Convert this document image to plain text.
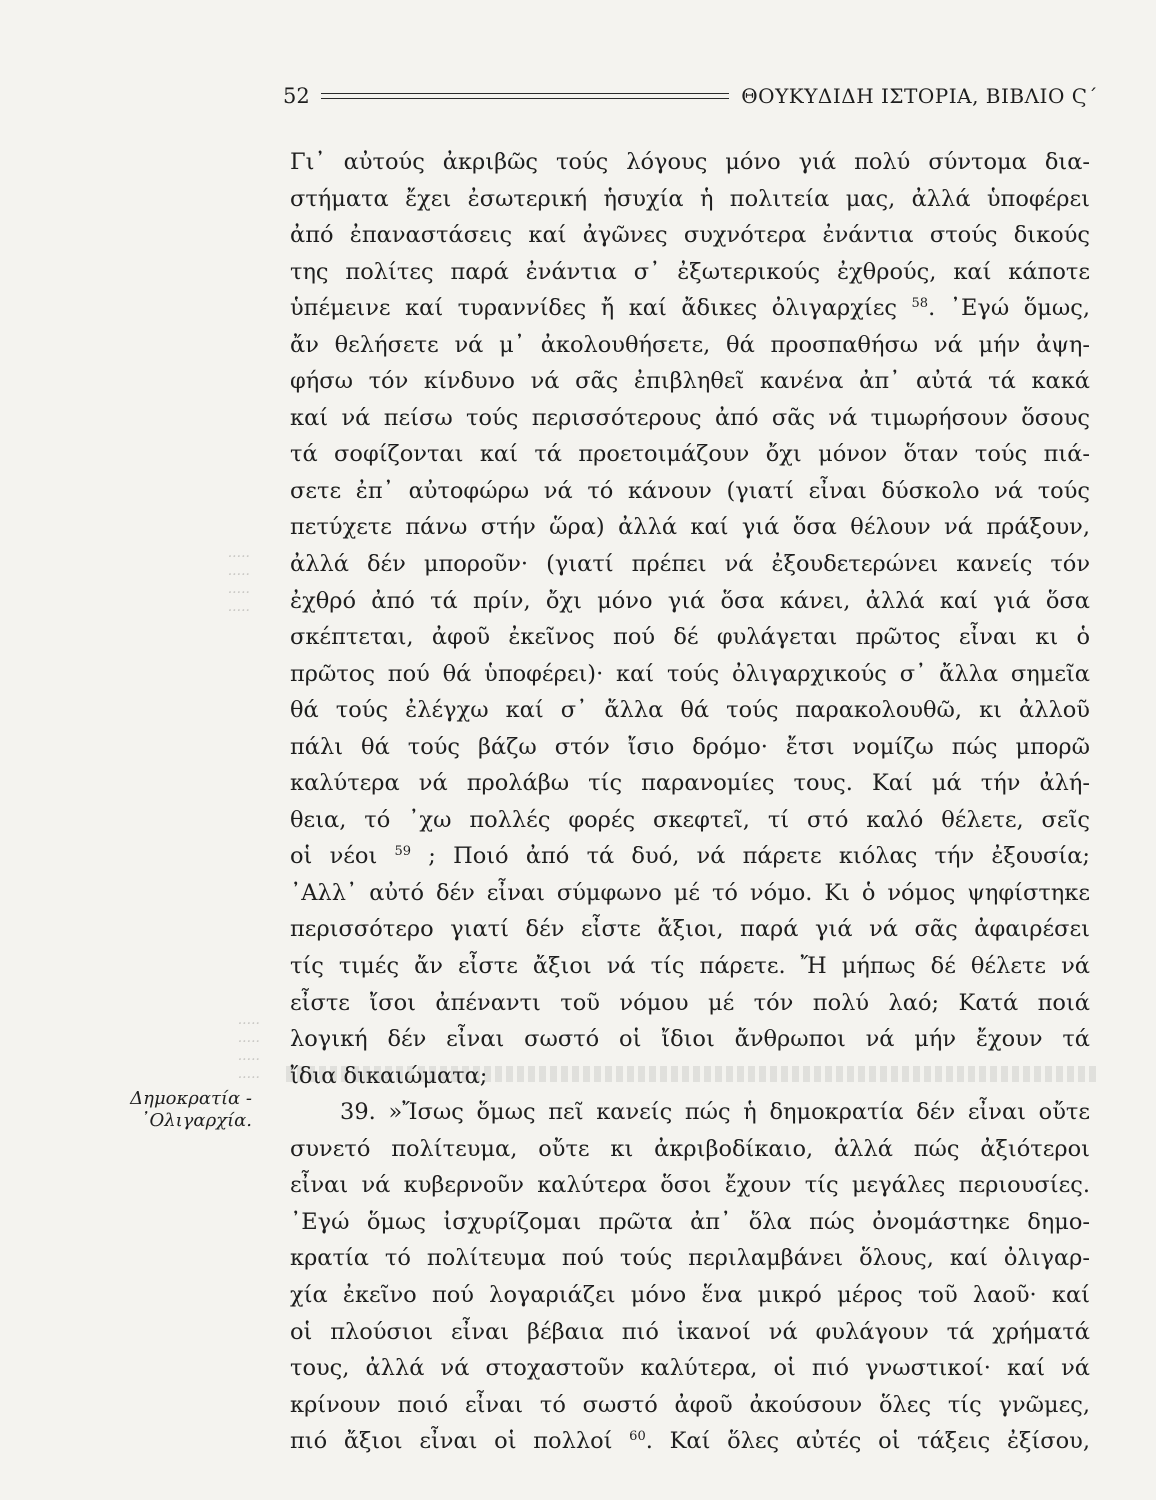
52	ΘΟΥΚΥΔΙΔΗ ΙΣΤΟΡΙΑ, ΒΙΒΛΙΟ Ϛ΄
·····
·····
·····
·····
·····
·····
·····
·····
Δημοκρατία -
᾿Ολιγαρχία.
Γι᾿ αὐτούς ἀκριβῶς τούς λόγους μόνο γιά πολύ σύντομα δια-
στήματα ἔχει ἐσωτερική ἡσυχία ἡ πολιτεία μας, ἀλλά ὑποφέρει
ἀπό ἐπαναστάσεις καί ἀγῶνες συχνότερα ἐνάντια στούς δικούς
της πολίτες παρά ἐνάντια σ᾿ ἐξωτερικούς ἐχθρούς, καί κάποτε
ὑπέμεινε καί τυραννίδες ἤ καί ἄδικες ὀλιγαρχίες $^{58}$. ᾿Εγώ ὅμως,
ἄν θελήσετε νά μ᾿ ἀκολουθήσετε, θά προσπαθήσω νά μήν ἀψη-
φήσω τόν κίνδυνο νά σᾶς ἐπιβληθεῖ κανένα ἀπ᾿ αὐτά τά κακά
καί νά πείσω τούς περισσότερους ἀπό σᾶς νά τιμωρήσουν ὅσους
τά σοφίζονται καί τά προετοιμάζουν ὄχι μόνον ὅταν τούς πιά-
σετε ἐπ᾿ αὐτοφώρω νά τό κάνουν (γιατί εἶναι δύσκολο νά τούς
πετύχετε πάνω στήν ὥρα) ἀλλά καί γιά ὅσα θέλουν νά πράξουν,
ἀλλά δέν μποροῦν· (γιατί πρέπει νά ἐξουδετερώνει κανείς τόν
ἐχθρό ἀπό τά πρίν, ὄχι μόνο γιά ὅσα κάνει, ἀλλά καί γιά ὅσα
σκέπτεται, ἀφοῦ ἐκεῖνος πού δέ φυλάγεται πρῶτος εἶναι κι ὁ
πρῶτος πού θά ὑποφέρει)· καί τούς ὀλιγαρχικούς σ᾿ ἄλλα σημεῖα
θά τούς ἐλέγχω καί σ᾿ ἄλλα θά τούς παρακολουθῶ, κι ἀλλοῦ
πάλι θά τούς βάζω στόν ἴσιο δρόμο· ἔτσι νομίζω πώς μπορῶ
καλύτερα νά προλάβω τίς παρανομίες τους. Καί μά τήν ἀλή-
θεια, τό ᾿χω πολλές φορές σκεφτεῖ, τί στό καλό θέλετε, σεῖς
οἱ νέοι $^{59}$ ; Ποιό ἀπό τά δυό, νά πάρετε κιόλας τήν ἐξουσία;
᾿Αλλ᾿ αὐτό δέν εἶναι σύμφωνο μέ τό νόμο. Κι ὁ νόμος ψηφίστηκε
περισσότερο γιατί δέν εἶστε ἄξιοι, παρά γιά νά σᾶς ἀφαιρέσει
τίς τιμές ἄν εἶστε ἄξιοι νά τίς πάρετε. Ἤ μήπως δέ θέλετε νά
εἶστε ἴσοι ἀπέναντι τοῦ νόμου μέ τόν πολύ λαό; Κατά ποιά
λογική δέν εἶναι σωστό οἱ ἴδιοι ἄνθρωποι νά μήν ἔχουν τά
ἴδια δικαιώματα;
39. »Ἴσως ὅμως πεῖ κανείς πώς ἡ δημοκρατία δέν εἶναι οὔτε
συνετό πολίτευμα, οὔτε κι ἀκριβοδίκαιο, ἀλλά πώς ἀξιότεροι
εἶναι νά κυβερνοῦν καλύτερα ὅσοι ἔχουν τίς μεγάλες περιουσίες.
᾿Εγώ ὅμως ἰσχυρίζομαι πρῶτα ἀπ᾿ ὅλα πώς ὀνομάστηκε δημο-
κρατία τό πολίτευμα πού τούς περιλαμβάνει ὅλους, καί ὀλιγαρ-
χία ἐκεῖνο πού λογαριάζει μόνο ἕνα μικρό μέρος τοῦ λαοῦ· καί
οἱ πλούσιοι εἶναι βέβαια πιό ἱκανοί νά φυλάγουν τά χρήματά
τους, ἀλλά νά στοχαστοῦν καλύτερα, οἱ πιό γνωστικοί· καί νά
κρίνουν ποιό εἶναι τό σωστό ἀφοῦ ἀκούσουν ὅλες τίς γνῶμες,
πιό ἄξιοι εἶναι οἱ πολλοί $^{60}$. Καί ὅλες αὐτές οἱ τάξεις ἐξίσου,
